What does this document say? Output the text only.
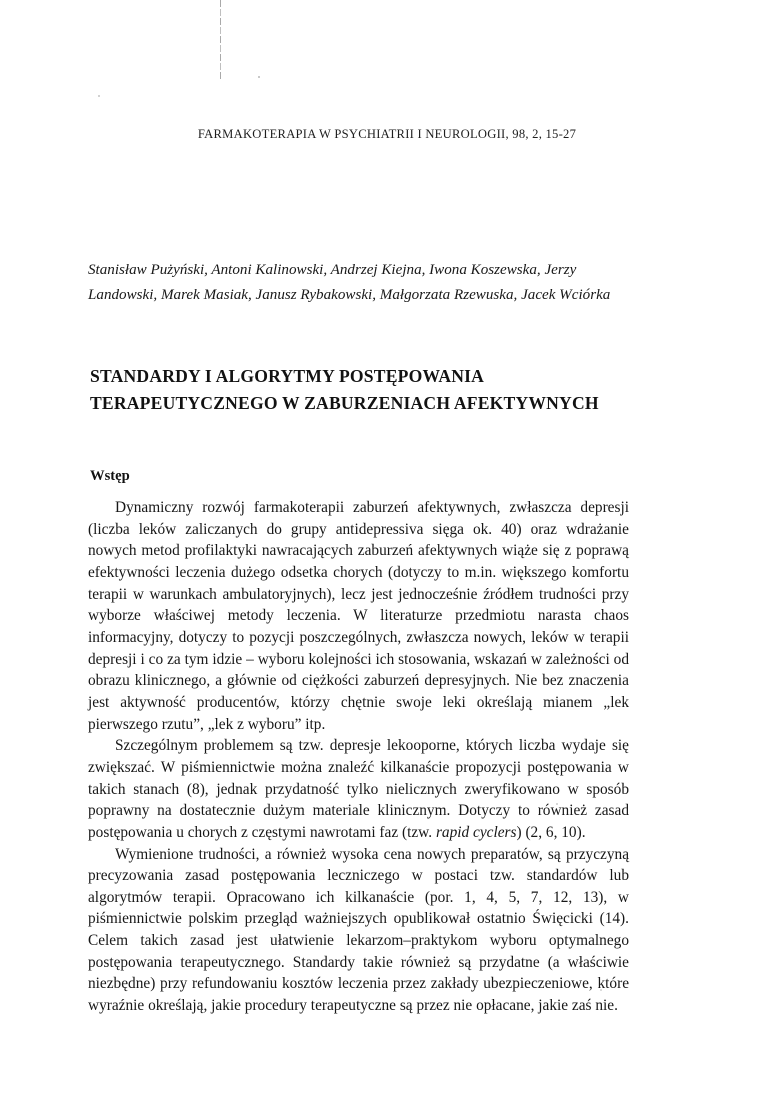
FARMAKOTERAPIA W PSYCHIATRII I NEUROLOGII, 98, 2, 15-27
Stanisław Pużyński, Antoni Kalinowski, Andrzej Kiejna, Iwona Koszewska, Jerzy Landowski, Marek Masiak, Janusz Rybakowski, Małgorzata Rzewuska, Jacek Wciórka
STANDARDY I ALGORYTMY POSTĘPOWANIA TERAPEUTYCZNEGO W ZABURZENIACH AFEKTYWNYCH
Wstęp

Dynamiczny rozwój farmakoterapii zaburzeń afektywnych, zwłaszcza depresji (liczba leków zaliczanych do grupy antidepressiva sięga ok. 40) oraz wdrażanie nowych metod profilaktyki nawracających zaburzeń afektywnych wiąże się z poprawą efektywności leczenia dużego odsetka chorych (dotyczy to m.in. większego komfortu terapii w warunkach ambulatoryjnych), lecz jest jednocześnie źródłem trudności przy wyborze właściwej metody leczenia. W literaturze przedmiotu narasta chaos informacyjny, dotyczy to pozycji poszczególnych, zwłaszcza nowych, leków w terapii depresji i co za tym idzie – wyboru kolejności ich stosowania, wskazań w zależności od obrazu klinicznego, a głównie od ciężkości zaburzeń depresyjnych. Nie bez znaczenia jest aktywność producentów, którzy chętnie swoje leki określają mianem „lek pierwszego rzutu”, „lek z wyboru” itp.

Szczególnym problemem są tzw. depresje lekooporne, których liczba wydaje się zwiększać. W piśmiennictwie można znaleźć kilkanaście propozycji postępowania w takich stanach (8), jednak przydatność tylko nielicznych zweryfikowano w sposób poprawny na dostatecznie dużym materiale klinicznym. Dotyczy to również zasad postępowania u chorych z częstymi nawrotami faz (tzw. rapid cyclers) (2, 6, 10).

Wymienione trudności, a również wysoka cena nowych preparatów, są przyczyną precyzowania zasad postępowania leczniczego w postaci tzw. standardów lub algorytmów terapii. Opracowano ich kilkanaście (por. 1, 4, 5, 7, 12, 13), w piśmiennictwie polskim przegląd ważniejszych opublikował ostatnio Święcicki (14). Celem takich zasad jest ułatwienie lekarzom–praktykom wyboru optymalnego postępowania terapeutycznego. Standardy takie również są przydatne (a właściwie niezbędne) przy refundowaniu kosztów leczenia przez zakłady ubezpieczeniowe, które wyraźnie określają, jakie procedury terapeutyczne są przez nie opłacane, jakie zaś nie.
